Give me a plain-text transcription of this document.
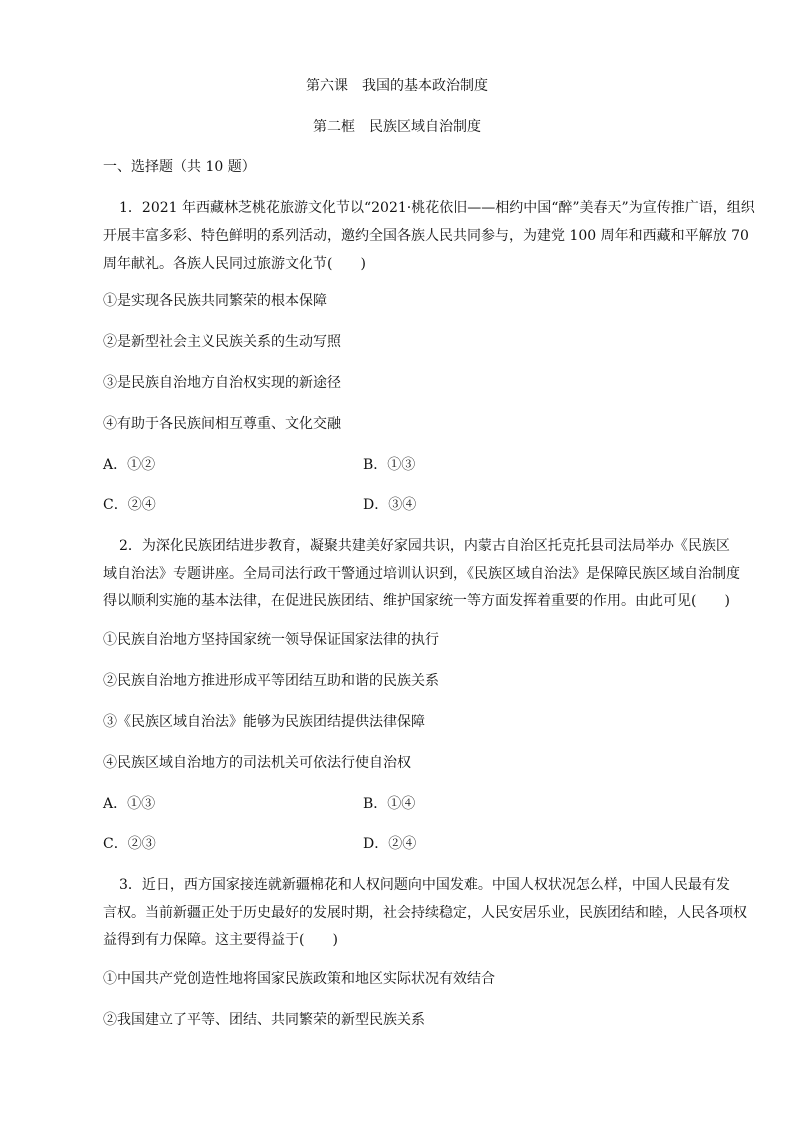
第六课　我国的基本政治制度
第二框　民族区域自治制度
一、选择题（共 10 题）
1．2021 年西藏林芝桃花旅游文化节以“2021·桃花依旧——相约中国“醉”美春天”为宣传推广语，组织
开展丰富多彩、特色鲜明的系列活动，邀约全国各族人民共同参与，为建党 100 周年和西藏和平解放 70
周年献礼。各族人民同过旅游文化节(　　)
①是实现各民族共同繁荣的根本保障
②是新型社会主义民族关系的生动写照
③是民族自治地方自治权实现的新途径
④有助于各民族间相互尊重、文化交融
A．①②	B．①③
C．②④	D．③④
2．为深化民族团结进步教育，凝聚共建美好家园共识，内蒙古自治区托克托县司法局举办《民族区
域自治法》专题讲座。全局司法行政干警通过培训认识到，《民族区域自治法》是保障民族区域自治制度
得以顺利实施的基本法律，在促进民族团结、维护国家统一等方面发挥着重要的作用。由此可见(　　)
①民族自治地方坚持国家统一领导保证国家法律的执行
②民族自治地方推进形成平等团结互助和谐的民族关系
③《民族区域自治法》能够为民族团结提供法律保障
④民族区域自治地方的司法机关可依法行使自治权
A．①③	B．①④
C．②③	D．②④
3．近日，西方国家接连就新疆棉花和人权问题向中国发难。中国人权状况怎么样，中国人民最有发
言权。当前新疆正处于历史最好的发展时期，社会持续稳定，人民安居乐业，民族团结和睦，人民各项权
益得到有力保障。这主要得益于(　　)
①中国共产党创造性地将国家民族政策和地区实际状况有效结合
②我国建立了平等、团结、共同繁荣的新型民族关系
